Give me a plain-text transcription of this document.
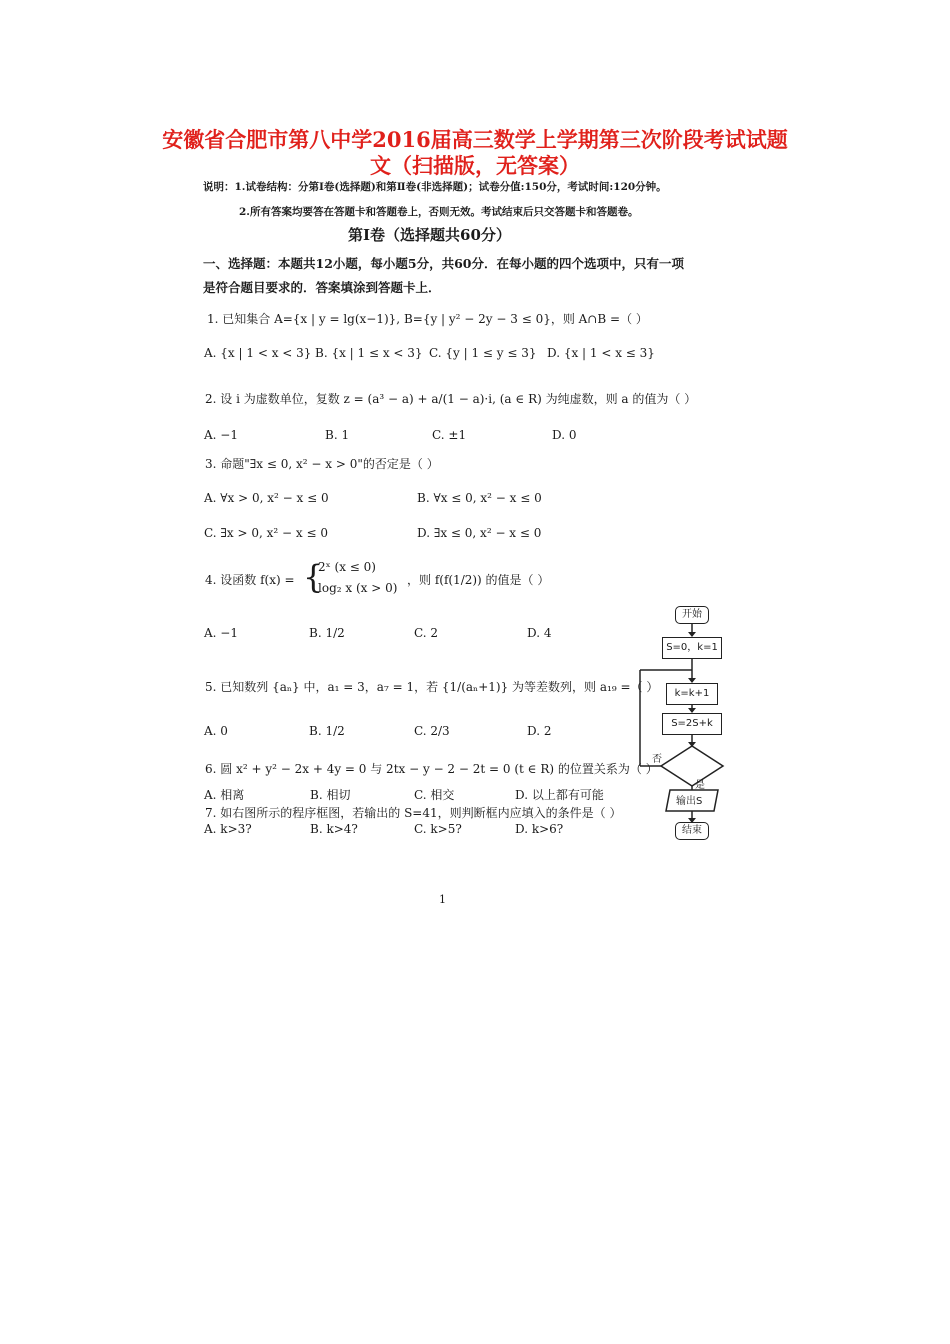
安徽省合肥市第八中学2016届高三数学上学期第三次阶段考试试题
文（扫描版，无答案）
说明：1.试卷结构：分第Ⅰ卷(选择题)和第Ⅱ卷(非选择题)；试卷分值:150分，考试时间:120分钟。
2.所有答案均要答在答题卡和答题卷上，否则无效。考试结束后只交答题卡和答题卷。
第Ⅰ卷（选择题共60分）
一、选择题：本题共12小题，每小题5分，共60分．在每小题的四个选项中，只有一项
是符合题目要求的．答案填涂到答题卡上．
1. 已知集合 A={x | y = lg(x−1)}, B={y | y² − 2y − 3 ≤ 0}，则 A∩B =（ ）
A. {x | 1 < x < 3} B. {x | 1 ≤ x < 3} C. {y | 1 ≤ y ≤ 3} D. {x | 1 < x ≤ 3}
2. 设 i 为虚数单位，复数 z = (a³ − a) + a/(1 − a)·i, (a ∈ R) 为纯虚数，则 a 的值为（ ）
A. −1	B. 1	C. ±1	D. 0
3. 命题"∃x ≤ 0, x² − x > 0"的否定是（ ）
A. ∀x > 0, x² − x ≤ 0	B. ∀x ≤ 0, x² − x ≤ 0
C. ∃x > 0, x² − x ≤ 0	D. ∃x ≤ 0, x² − x ≤ 0
4. 设函数 f(x) = {
2ˣ (x ≤ 0)
log₂ x (x > 0)
，则 f(f(1/2)) 的值是（ ）
A. −1	B. 1/2	C. 2	D. 4
5. 已知数列 {aₙ} 中，a₁ = 3，a₇ = 1，若 {1/(aₙ+1)} 为等差数列，则 a₁₉ =（ ）
A. 0	B. 1/2	C. 2/3	D. 2
6. 圆 x² + y² − 2x + 4y = 0 与 2tx − y − 2 − 2t = 0 (t ∈ R) 的位置关系为（ ）
A. 相离	B. 相切	C. 相交	D. 以上都有可能
7. 如右图所示的程序框图，若输出的 S=41，则判断框内应填入的条件是（ ）
A. k>3?	B. k>4?	C. k>5?	D. k>6?
开始
S=0，k=1
k=k+1
S=2S+k
否
是
输出S
结束
1
